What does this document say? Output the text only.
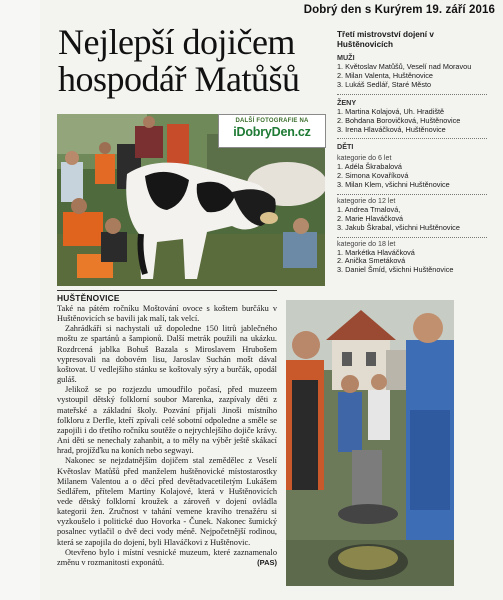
Dobrý den s Kurýrem 19. září 2016
Nejlepší dojičem hospodář Matůšů
DALŠÍ FOTOGRAFIE NA
iDobryDen.cz
Třetí mistrovství dojení v Huštěnovicích
MUŽI
1. Květoslav Matůšů, Veselí nad Moravou
2. Milan Valenta, Huštěnovice
3. Lukáš Sedlář, Staré Město
ŽENY
1. Martina Kolajová, Uh. Hradiště
2. Bohdana Borovičková, Huštěnovice
3. Irena Hlaváčková, Huštěnovice
DĚTI
kategorie do 6 let
1. Adéla Škrabalová
2. Simona Kovaříková
3. Milan Klem, všichni Huštěnovice
kategorie do 12 let
1. Andrea Trnalová,
2. Marie Hlaváčková
3. Jakub Škrabal, všichni Huštěnovice
kategorie do 18 let
1. Markétka Hlaváčková
2. Anička Smetáková
3. Daniel Šmíd, všichni Huštěnovice
HUŠTĚNOVICE

Také na pátém ročníku Moštování ovoce s koštem burčáku v Huštěnovicích se bavili jak malí, tak velcí.

Zahrádkáři si nachystali už dopoledne 150 litrů jablečného moštu ze spartánů a šampionů. Další metrák použili na ukázku. Rozdrcená jablka Bohuš Bazala s Miroslavem Hrubošem vypresovali na dobovém lisu, Jaroslav Suchán mošt dával koštovat. U vedlejšího stánku se koštovaly sýry a burčák, opodál guláš.

Jelikož se po rozjezdu umoudřilo počasí, před muzeem vystoupil dětský folklorní soubor Marenka, zazpívaly děti z mateřské a základní školy. Pozvání přijali Jinoši místního folkloru z Derfle, kteří zpívali celé sobotní odpoledne a směle se zapojili i do třetího ročníku soutěže o nejrychlejšího dojiče krávy. Ani děti se nenechaly zahanbit, a to měly na výběr ještě skákací hrad, projížďku na koních nebo segwayi.

Nakonec se nejzdatnějším dojičem stal zemědělec z Veselí Květoslav Matůšů před manželem huštěnovické místostarostky Milanem Valentou a o děcí před devětadvacetiletým Lukášem Sedlářem, přítelem Martiny Kolajové, která v Huštěnovicích vede dětský folklorní kroužek a zároveň v dojení ovládla kategorii žen. Zručnost v tahání vemene kravího trenažéru si vyzkoušelo i politické duo Hovorka - Čunek. Nakonec šumický posalnec vytlačil o dvě deci vody méně. Nejpočetnější rodinou, která se zapojila do dojení, byli Hlaváčkovi z Huštěnovic.

Otevřeno bylo i místní vesnické muzeum, které zaznamenalo změnu v rozmanitosti exponátů.	(PAS)
